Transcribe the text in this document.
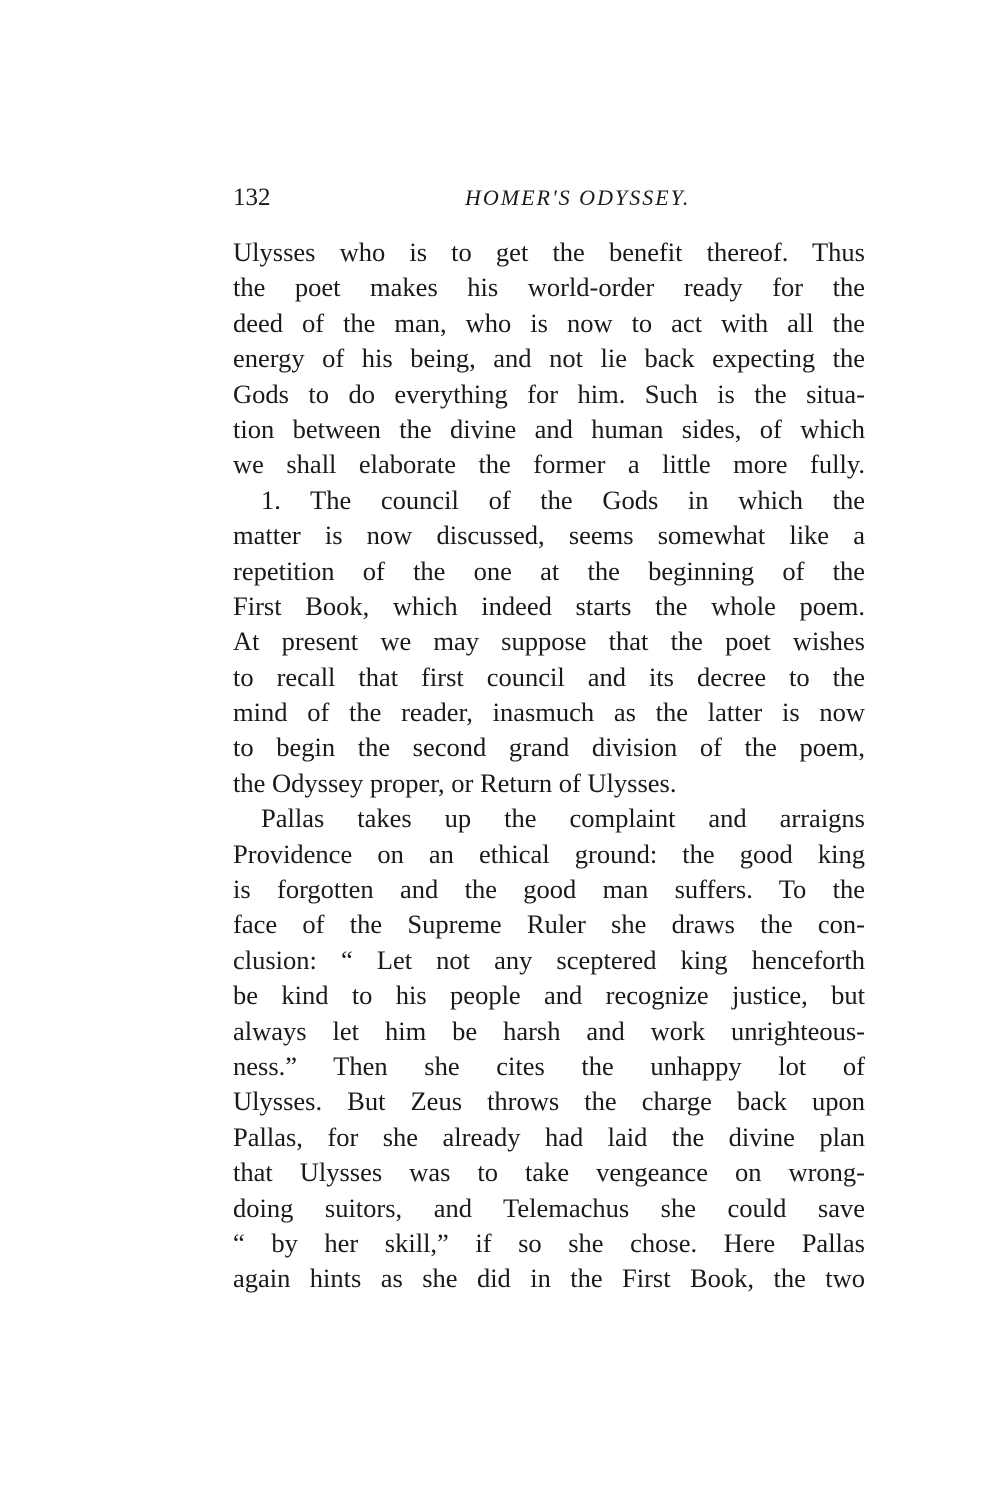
132	HOMER'S ODYSSEY.
Ulysses who is to get the benefit thereof. Thus
the poet makes his world-order ready for the
deed of the man, who is now to act with all the
energy of his being, and not lie back expecting the
Gods to do everything for him. Such is the situa-
tion between the divine and human sides, of which
we shall elaborate the former a little more fully.
1. The council of the Gods in which the
matter is now discussed, seems somewhat like a
repetition of the one at the beginning of the
First Book, which indeed starts the whole poem.
At present we may suppose that the poet wishes
to recall that first council and its decree to the
mind of the reader, inasmuch as the latter is now
to begin the second grand division of the poem,
the Odyssey proper, or Return of Ulysses.
Pallas takes up the complaint and arraigns
Providence on an ethical ground: the good king
is forgotten and the good man suffers. To the
face of the Supreme Ruler she draws the con-
clusion: “ Let not any sceptered king henceforth
be kind to his people and recognize justice, but
always let him be harsh and work unrighteous-
ness.” Then she cites the unhappy lot of
Ulysses. But Zeus throws the charge back upon
Pallas, for she already had laid the divine plan
that Ulysses was to take vengeance on wrong-
doing suitors, and Telemachus she could save
“ by her skill,” if so she chose. Here Pallas
again hints as she did in the First Book, the two
